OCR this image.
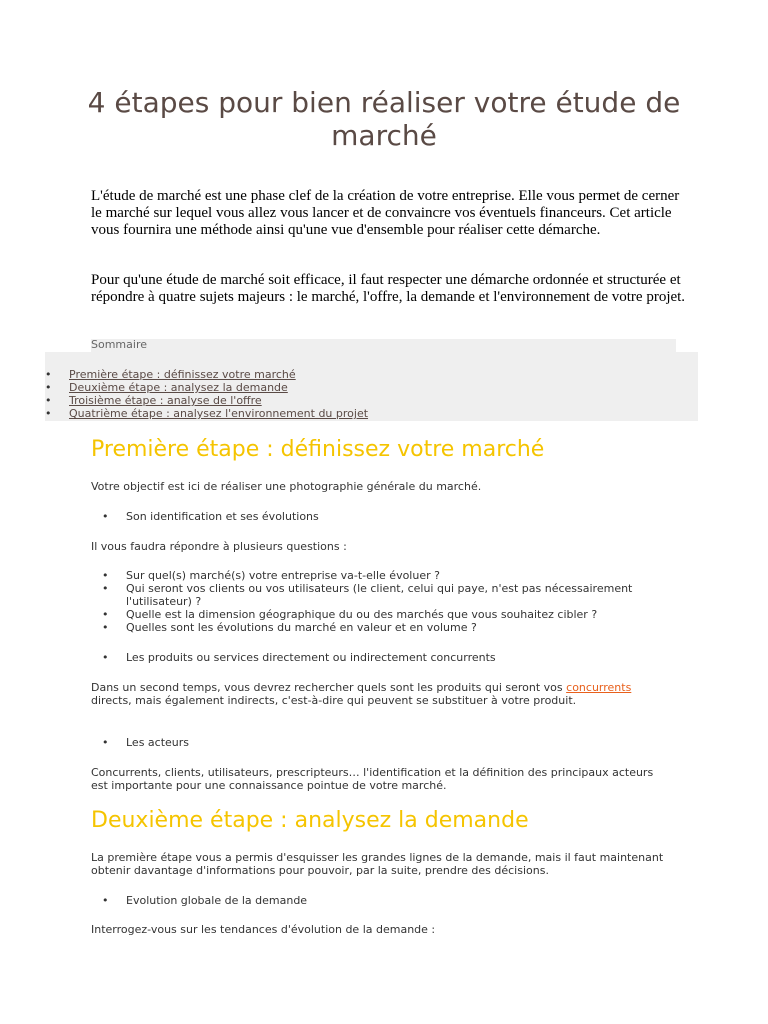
4 étapes pour bien réaliser votre étude de marché

L'étude de marché est une phase clef de la création de votre entreprise. Elle vous permet de cerner le marché sur lequel vous allez vous lancer et de convaincre vos éventuels financeurs. Cet article vous fournira une méthode ainsi qu'une vue d'ensemble pour réaliser cette démarche.

Pour qu'une étude de marché soit efficace, il faut respecter une démarche ordonnée et structurée et répondre à quatre sujets majeurs : le marché, l'offre, la demande et l'environnement de votre projet.

Sommaire
• Première étape : définissez votre marché
• Deuxième étape : analysez la demande
• Troisième étape : analyse de l'offre
• Quatrième étape : analysez l'environnement du projet
Première étape : définissez votre marché

Votre objectif est ici de réaliser une photographie générale du marché.

• Son identification et ses évolutions

Il vous faudra répondre à plusieurs questions :

• Sur quel(s) marché(s) votre entreprise va-t-elle évoluer ?
• Qui seront vos clients ou vos utilisateurs (le client, celui qui paye, n'est pas nécessairement l'utilisateur) ?
• Quelle est la dimension géographique du ou des marchés que vous souhaitez cibler ?
• Quelles sont les évolutions du marché en valeur et en volume ?
• Les produits ou services directement ou indirectement concurrents

Dans un second temps, vous devrez rechercher quels sont les produits qui seront vos concurrents directs, mais également indirects, c'est-à-dire qui peuvent se substituer à votre produit.

• Les acteurs

Concurrents, clients, utilisateurs, prescripteurs… l'identification et la définition des principaux acteurs est importante pour une connaissance pointue de votre marché.

Deuxième étape : analysez la demande

La première étape vous a permis d'esquisser les grandes lignes de la demande, mais il faut maintenant obtenir davantage d'informations pour pouvoir, par la suite, prendre des décisions.

• Evolution globale de la demande

Interrogez-vous sur les tendances d'évolution de la demande :
